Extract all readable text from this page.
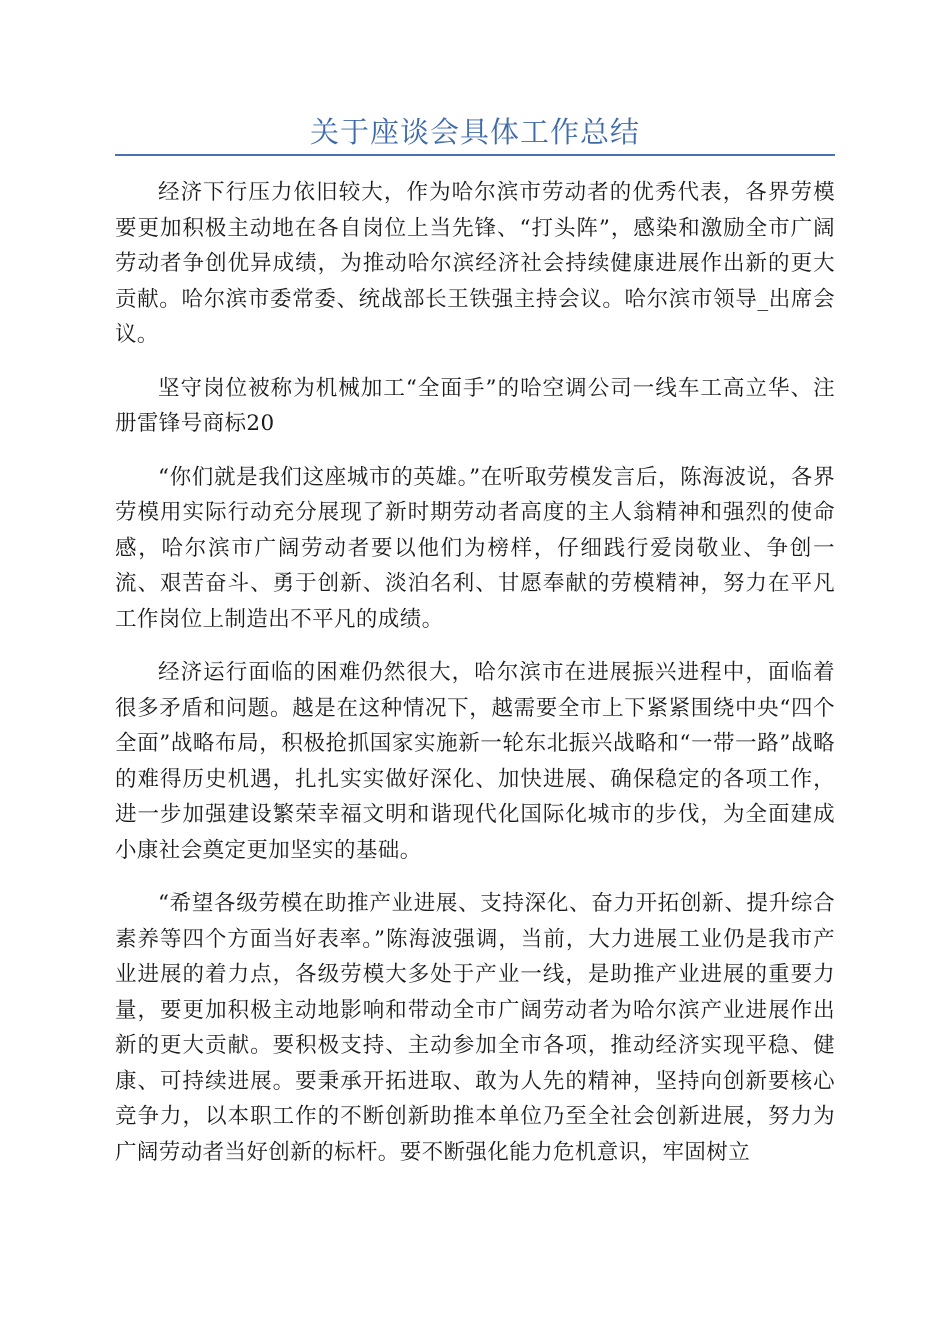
关于座谈会具体工作总结

经济下行压力依旧较大，作为哈尔滨市劳动者的优秀代表，各界劳模要更加积极主动地在各自岗位上当先锋、“打头阵”，感染和激励全市广阔劳动者争创优异成绩，为推动哈尔滨经济社会持续健康进展作出新的更大贡献。哈尔滨市委常委、统战部长王铁强主持会议。哈尔滨市领导_出席会议。

坚守岗位被称为机械加工“全面手”的哈空调公司一线车工高立华、注册雷锋号商标20

“你们就是我们这座城市的英雄。”在听取劳模发言后，陈海波说，各界劳模用实际行动充分展现了新时期劳动者高度的主人翁精神和强烈的使命感，哈尔滨市广阔劳动者要以他们为榜样，仔细践行爱岗敬业、争创一流、艰苦奋斗、勇于创新、淡泊名利、甘愿奉献的劳模精神，努力在平凡工作岗位上制造出不平凡的成绩。

经济运行面临的困难仍然很大，哈尔滨市在进展振兴进程中，面临着很多矛盾和问题。越是在这种情况下，越需要全市上下紧紧围绕中央“四个全面”战略布局，积极抢抓国家实施新一轮东北振兴战略和“一带一路”战略的难得历史机遇，扎扎实实做好深化、加快进展、确保稳定的各项工作，进一步加强建设繁荣幸福文明和谐现代化国际化城市的步伐，为全面建成小康社会奠定更加坚实的基础。

“希望各级劳模在助推产业进展、支持深化、奋力开拓创新、提升综合素养等四个方面当好表率。”陈海波强调，当前，大力进展工业仍是我市产业进展的着力点，各级劳模大多处于产业一线，是助推产业进展的重要力量，要更加积极主动地影响和带动全市广阔劳动者为哈尔滨产业进展作出新的更大贡献。要积极支持、主动参加全市各项，推动经济实现平稳、健康、可持续进展。要秉承开拓进取、敢为人先的精神，坚持向创新要核心竞争力，以本职工作的不断创新助推本单位乃至全社会创新进展，努力为广阔劳动者当好创新的标杆。要不断强化能力危机意识，牢固树立
